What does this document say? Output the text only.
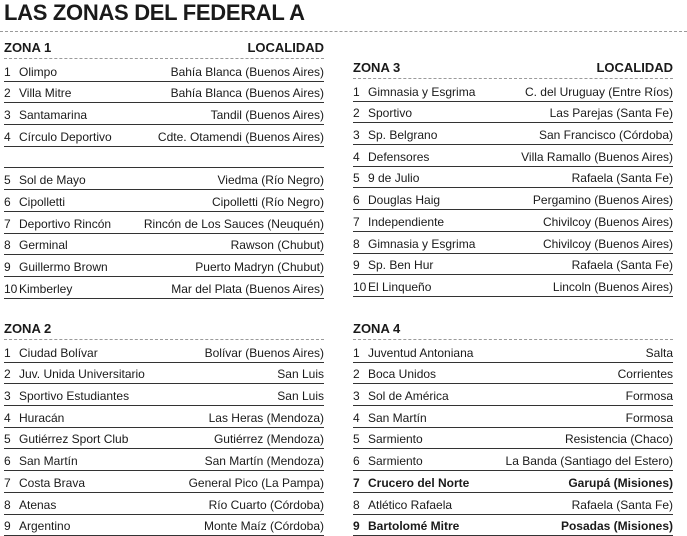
LAS ZONAS DEL FEDERAL A
ZONA 1	LOCALIDAD
1 Olimpo	Bahía Blanca (Buenos Aires)
2 Villa Mitre	Bahía Blanca (Buenos Aires)
3 Santamarina	Tandil (Buenos Aires)
4 Círculo Deportivo	Cdte. Otamendi (Buenos Aires)
5 Sol de Mayo	Viedma (Río Negro)
6 Cipolletti	Cipolletti (Río Negro)
7 Deportivo Rincón	Rincón de Los Sauces (Neuquén)
8 Germinal	Rawson (Chubut)
9 Guillermo Brown	Puerto Madryn (Chubut)
10 Kimberley	Mar del Plata (Buenos Aires)
ZONA 2
1 Ciudad Bolívar	Bolívar (Buenos Aires)
2 Juv. Unida Universitario	San Luis
3 Sportivo Estudiantes	San Luis
4 Huracán	Las Heras (Mendoza)
5 Gutiérrez Sport Club	Gutiérrez (Mendoza)
6 San Martín	San Martín (Mendoza)
7 Costa Brava	General Pico (La Pampa)
8 Atenas	Río Cuarto (Córdoba)
9 Argentino	Monte Maíz (Córdoba)
ZONA 3	LOCALIDAD
1 Gimnasia y Esgrima	C. del Uruguay (Entre Ríos)
2 Sportivo	Las Parejas (Santa Fe)
3 Sp. Belgrano	San Francisco (Córdoba)
4 Defensores	Villa Ramallo (Buenos Aires)
5 9 de Julio	Rafaela (Santa Fe)
6 Douglas Haig	Pergamino (Buenos Aires)
7 Independiente	Chivilcoy (Buenos Aires)
8 Gimnasia y Esgrima	Chivilcoy (Buenos Aires)
9 Sp. Ben Hur	Rafaela (Santa Fe)
10 El Linqueño	Lincoln (Buenos Aires)
ZONA 4
1 Juventud Antoniana	Salta
2 Boca Unidos	Corrientes
3 Sol de América	Formosa
4 San Martín	Formosa
5 Sarmiento	Resistencia (Chaco)
6 Sarmiento	La Banda (Santiago del Estero)
7 Crucero del Norte	Garupá (Misiones)
8 Atlético Rafaela	Rafaela (Santa Fe)
9 Bartolomé Mitre	Posadas (Misiones)
